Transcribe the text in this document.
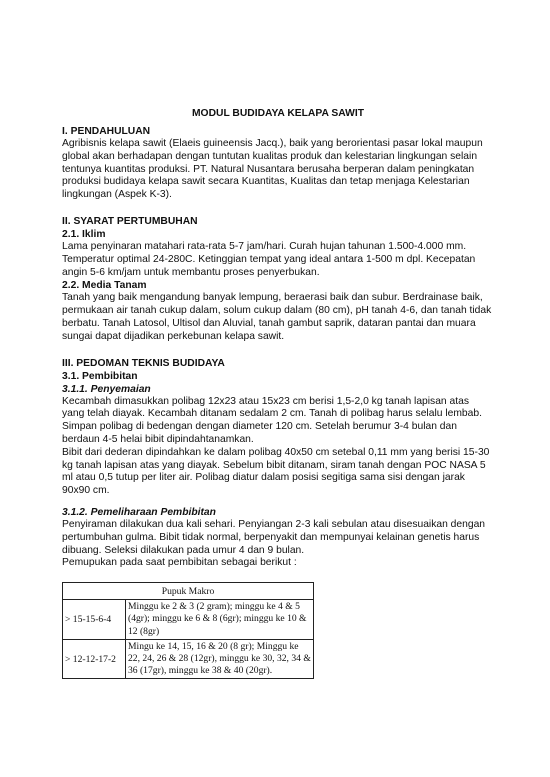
MODUL BUDIDAYA KELAPA SAWIT
I. PENDAHULUAN

Agribisnis kelapa sawit (Elaeis guineensis Jacq.), baik yang berorientasi pasar lokal maupun global akan berhadapan dengan tuntutan kualitas produk dan kelestarian lingkungan selain tentunya kuantitas produksi. PT. Natural Nusantara berusaha berperan dalam peningkatan produksi budidaya kelapa sawit secara Kuantitas, Kualitas dan tetap menjaga Kelestarian lingkungan (Aspek K-3).

II. SYARAT PERTUMBUHAN
2.1. Iklim

Lama penyinaran matahari rata-rata 5-7 jam/hari. Curah hujan tahunan 1.500-4.000 mm. Temperatur optimal 24-280C. Ketinggian tempat yang ideal antara 1-500 m dpl. Kecepatan angin 5-6 km/jam untuk membantu proses penyerbukan.

2.2. Media Tanam

Tanah yang baik mengandung banyak lempung, beraerasi baik dan subur. Berdrainase baik, permukaan air tanah cukup dalam, solum cukup dalam (80 cm), pH tanah 4-6, dan tanah tidak berbatu. Tanah Latosol, Ultisol dan Aluvial, tanah gambut saprik, dataran pantai dan muara sungai dapat dijadikan perkebunan kelapa sawit.

III. PEDOMAN TEKNIS BUDIDAYA
3.1. Pembibitan
3.1.1. Penyemaian

Kecambah dimasukkan polibag 12x23 atau 15x23 cm berisi 1,5-2,0 kg tanah lapisan atas yang telah diayak. Kecambah ditanam sedalam 2 cm. Tanah di polibag harus selalu lembab. Simpan polibag di bedengan dengan diameter 120 cm. Setelah berumur 3-4 bulan dan berdaun 4-5 helai bibit dipindahtanamkan.

Bibit dari dederan dipindahkan ke dalam polibag 40x50 cm setebal 0,11 mm yang berisi 15-30 kg tanah lapisan atas yang diayak. Sebelum bibit ditanam, siram tanah dengan POC NASA 5 ml atau 0,5 tutup per liter air. Polibag diatur dalam posisi segitiga sama sisi dengan jarak 90x90 cm.

3.1.2. Pemeliharaan Pembibitan

Penyiraman dilakukan dua kali sehari. Penyiangan 2-3 kali sebulan atau disesuaikan dengan pertumbuhan gulma. Bibit tidak normal, berpenyakit dan mempunyai kelainan genetis harus dibuang. Seleksi dilakukan pada umur 4 dan 9 bulan.

Pemupukan pada saat pembibitan sebagai berikut :

Pupuk Makro	
> 15-15-6-4	Minggu ke 2 & 3 (2 gram); minggu ke 4 & 5 (4gr); minggu ke 6 & 8 (6gr); minggu ke 10 & 12 (8gr)
> 12-12-17-2	Mingu ke 14, 15, 16 & 20 (8 gr); Minggu ke 22, 24, 26 & 28 (12gr), minggu ke 30, 32, 34 & 36 (17gr), minggu ke 38 & 40 (20gr).
